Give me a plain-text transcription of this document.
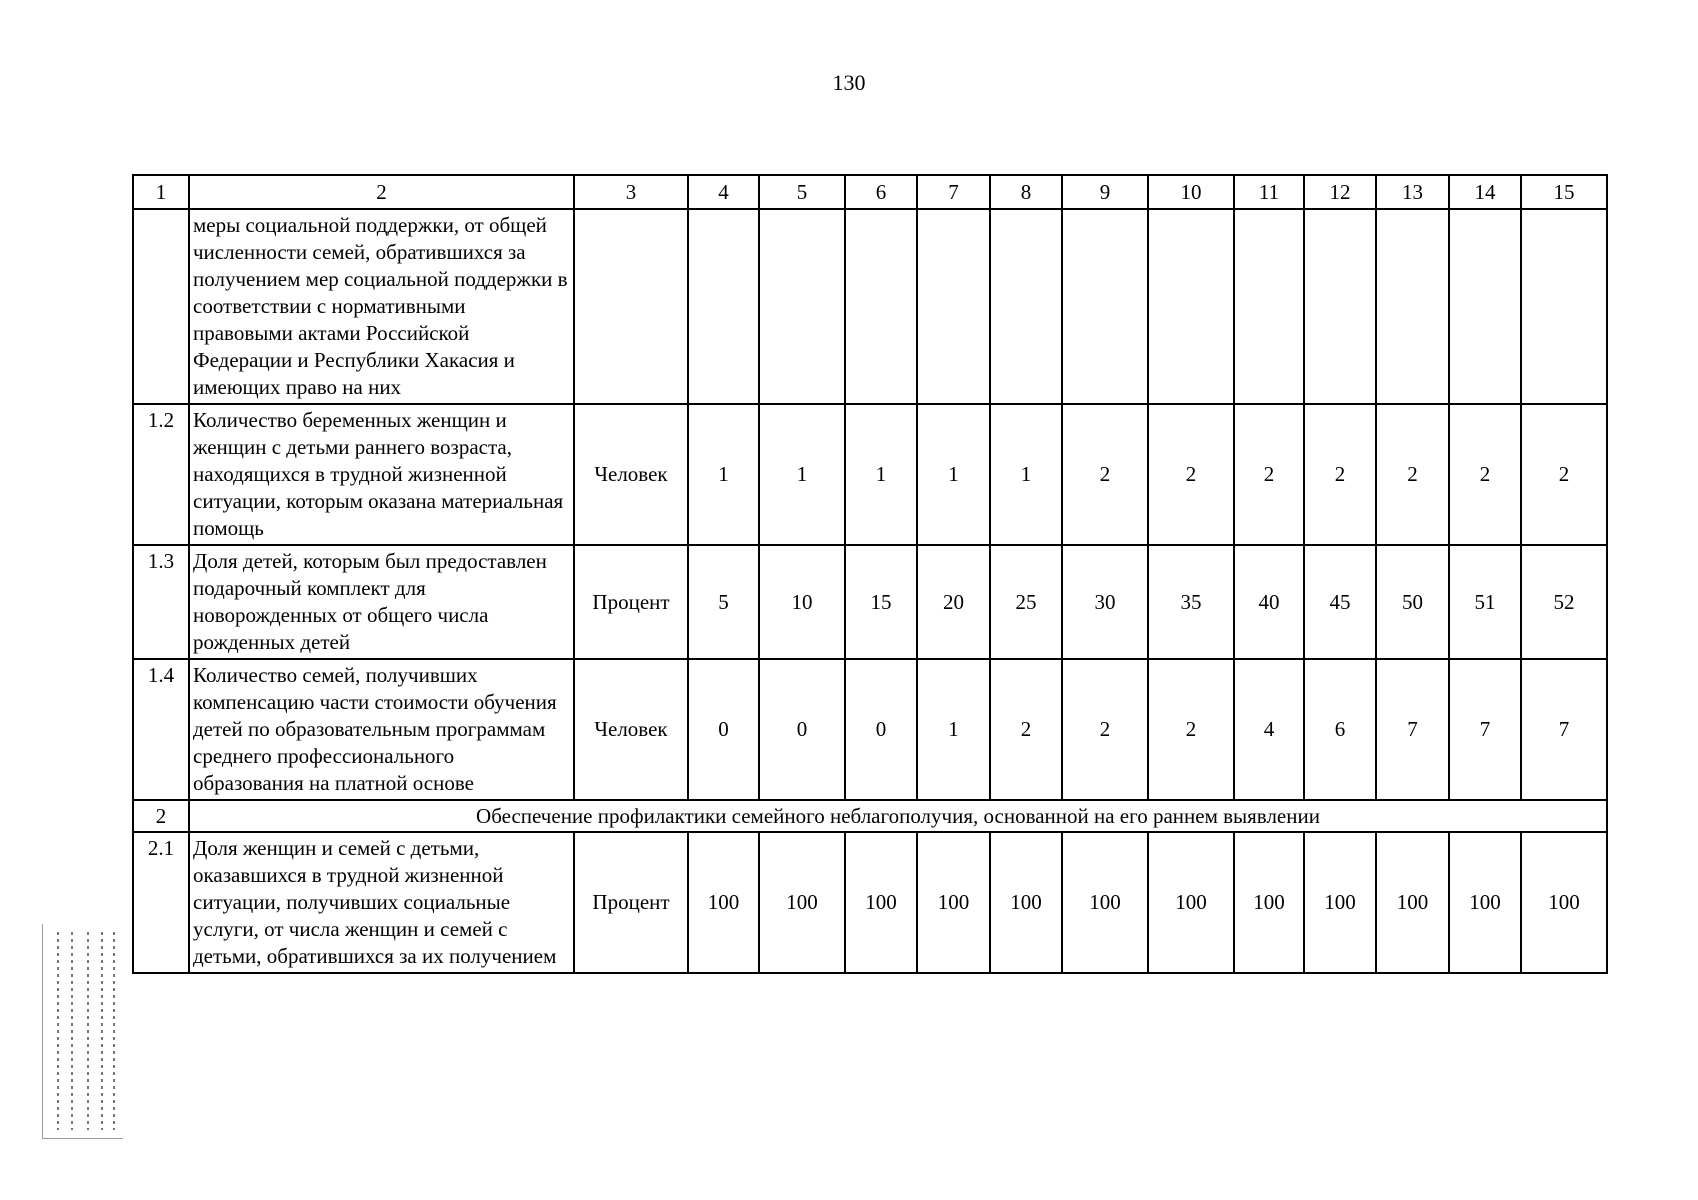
130
1	2	3	4	5	6	7	8	9	10	11	12	13	14	15
	меры социальной поддержки, от общей численности семей, обратившихся за получением мер социальной поддержки в соответствии с нормативными правовыми актами Российской Федерации и Республики Хакасия и имеющих право на них													
1.2	Количество беременных женщин и женщин с детьми раннего возраста, находящихся в трудной жизненной ситуации, которым оказана материальная помощь	Человек	1	1	1	1	1	2	2	2	2	2	2	2
1.3	Доля детей, которым был предоставлен подарочный комплект для новорожденных от общего числа рожденных детей	Процент	5	10	15	20	25	30	35	40	45	50	51	52
1.4	Количество семей, получивших компенсацию части стоимости обучения детей по образовательным программам среднего профессионального образования на платной основе	Человек	0	0	0	1	2	2	2	4	6	7	7	7
2	Обеспечение профилактики семейного неблагополучия, основанной на его раннем выявлении													
2.1	Доля женщин и семей с детьми, оказавшихся в трудной жизненной ситуации, получивших социальные услуги, от числа женщин и семей с детьми, обратившихся за их получением	Процент	100	100	100	100	100	100	100	100	100	100	100	100
